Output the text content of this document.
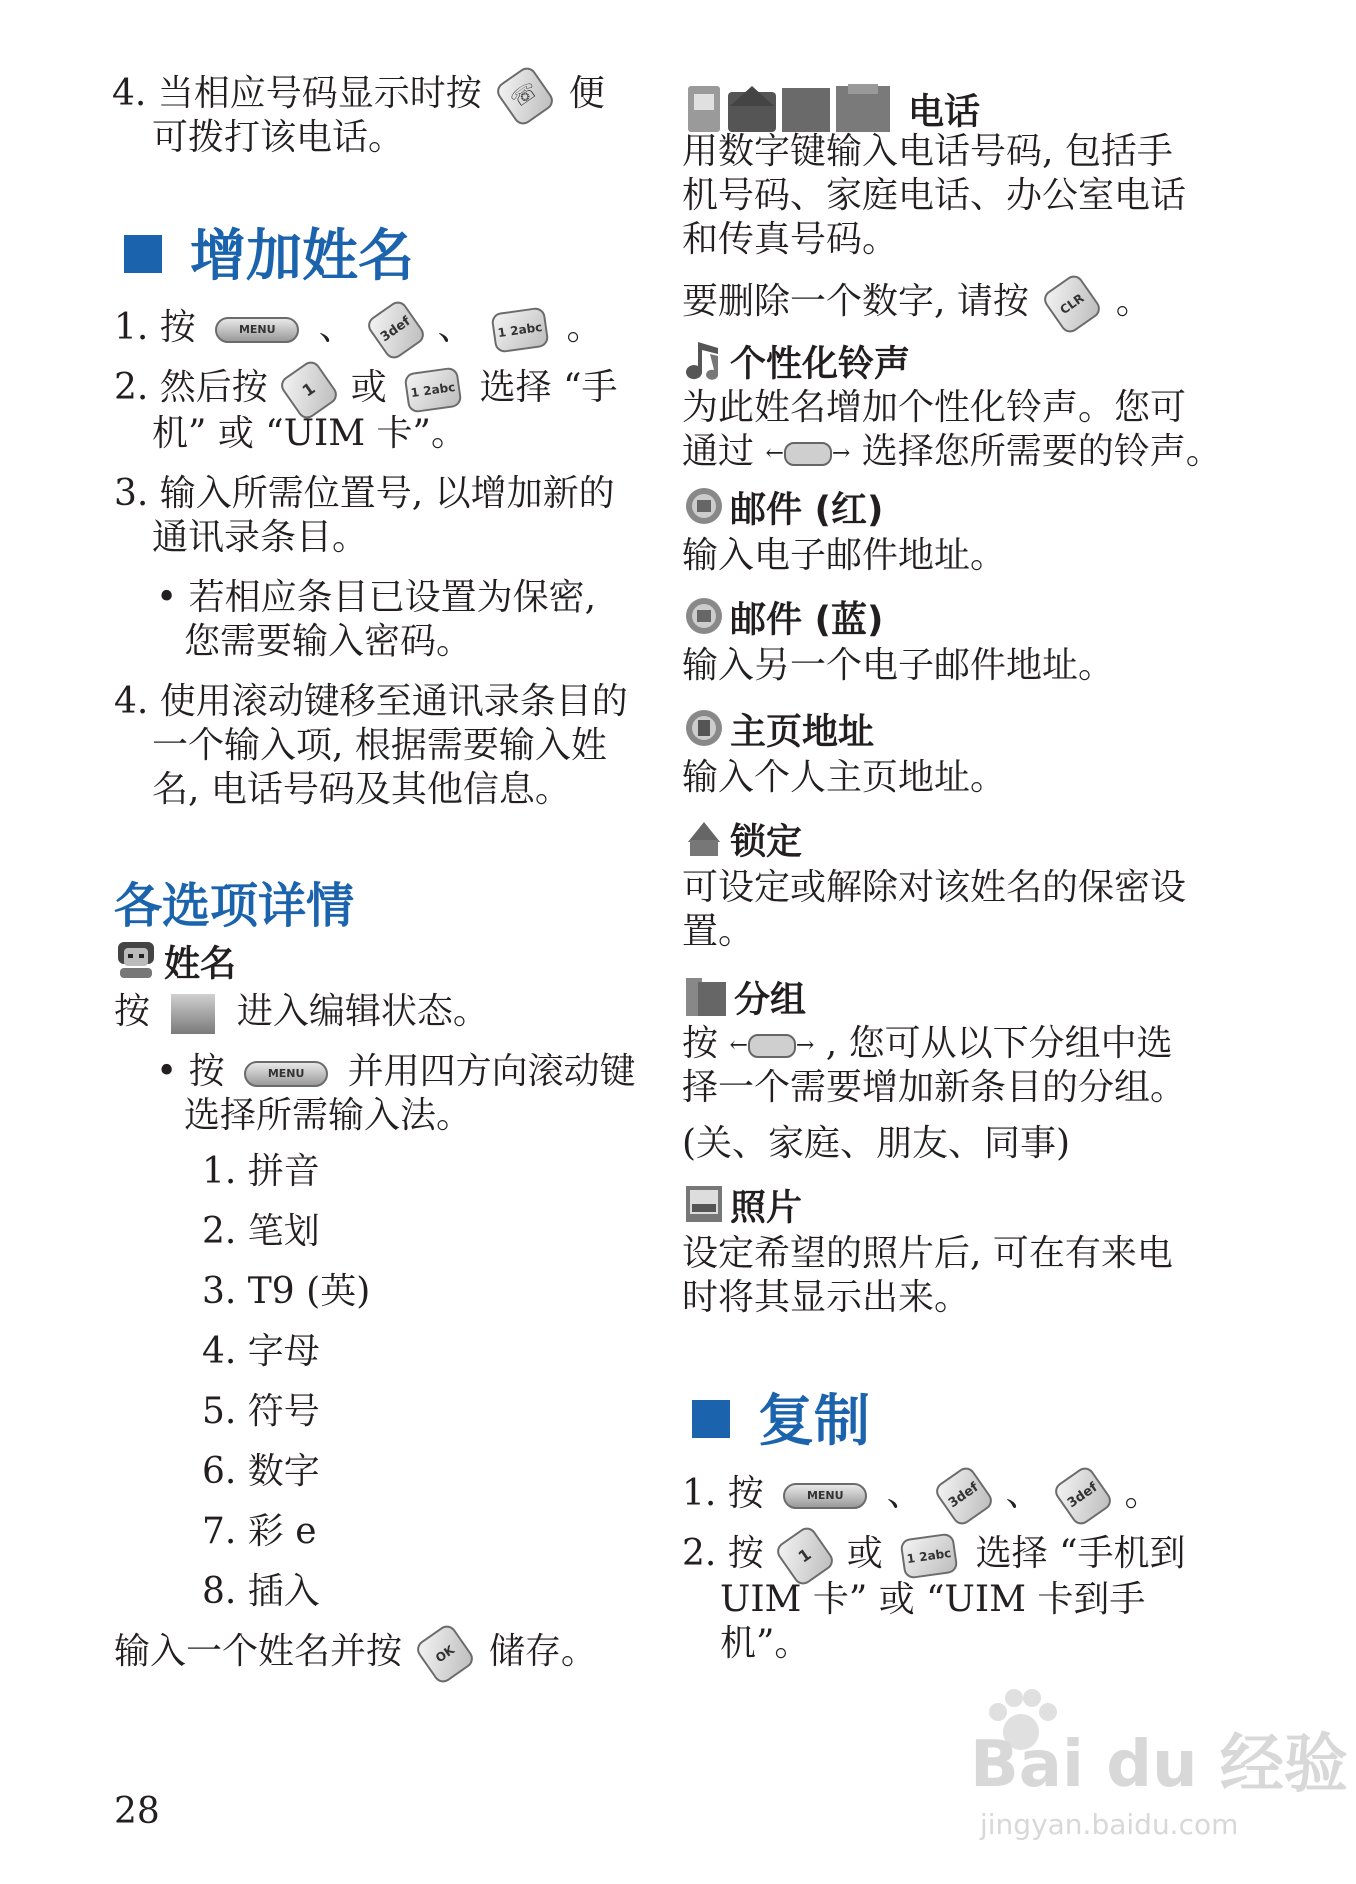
4. 当相应号码显示时按 ☏ 便
可拨打该电话。
增加姓名
1. 按	MENU 、 3def 、 1 2abc 。
2. 然后按 1 或 1 2abc 选择 “手
机” 或 “UIM 卡”。
3. 输入所需位置号, 以增加新的
通讯录条目。
• 若相应条目已设置为保密,
您需要输入密码。
4. 使用滚动键移至通讯录条目的
一个输入项, 根据需要输入姓
名, 电话号码及其他信息。
各选项详情
姓名
按 进入编辑状态。
• 按	MENU 并用四方向滚动键
选择所需输入法。
1. 拼音
2. 笔划
3. T9 (英)
4. 字母
5. 符号
6. 数字
7. 彩 e
8. 插入
输入一个姓名并按	OK 储存。
28
电话
用数字键输入电话号码, 包括手
机号码、家庭电话、办公室电话
和传真号码。
要删除一个数字, 请按 CLR 。
个性化铃声
为此姓名增加个性化铃声。您可
通过 ← → 选择您所需要的铃声。
邮件 (红)
输入电子邮件地址。
邮件 (蓝)
输入另一个电子邮件地址。
主页地址
输入个人主页地址。
锁定
可设定或解除对该姓名的保密设
置。
分组
按 ← → , 您可从以下分组中选
择一个需要增加新条目的分组。
(关、家庭、朋友、同事)
照片
设定希望的照片后, 可在有来电
时将其显示出来。
复制
1. 按	MENU 、 3def 、 3def 。
2. 按 1 或 1 2abc 选择 “手机到
UIM 卡” 或 “UIM 卡到手
机”。
Bai du 经验
jingyan.baidu.com
